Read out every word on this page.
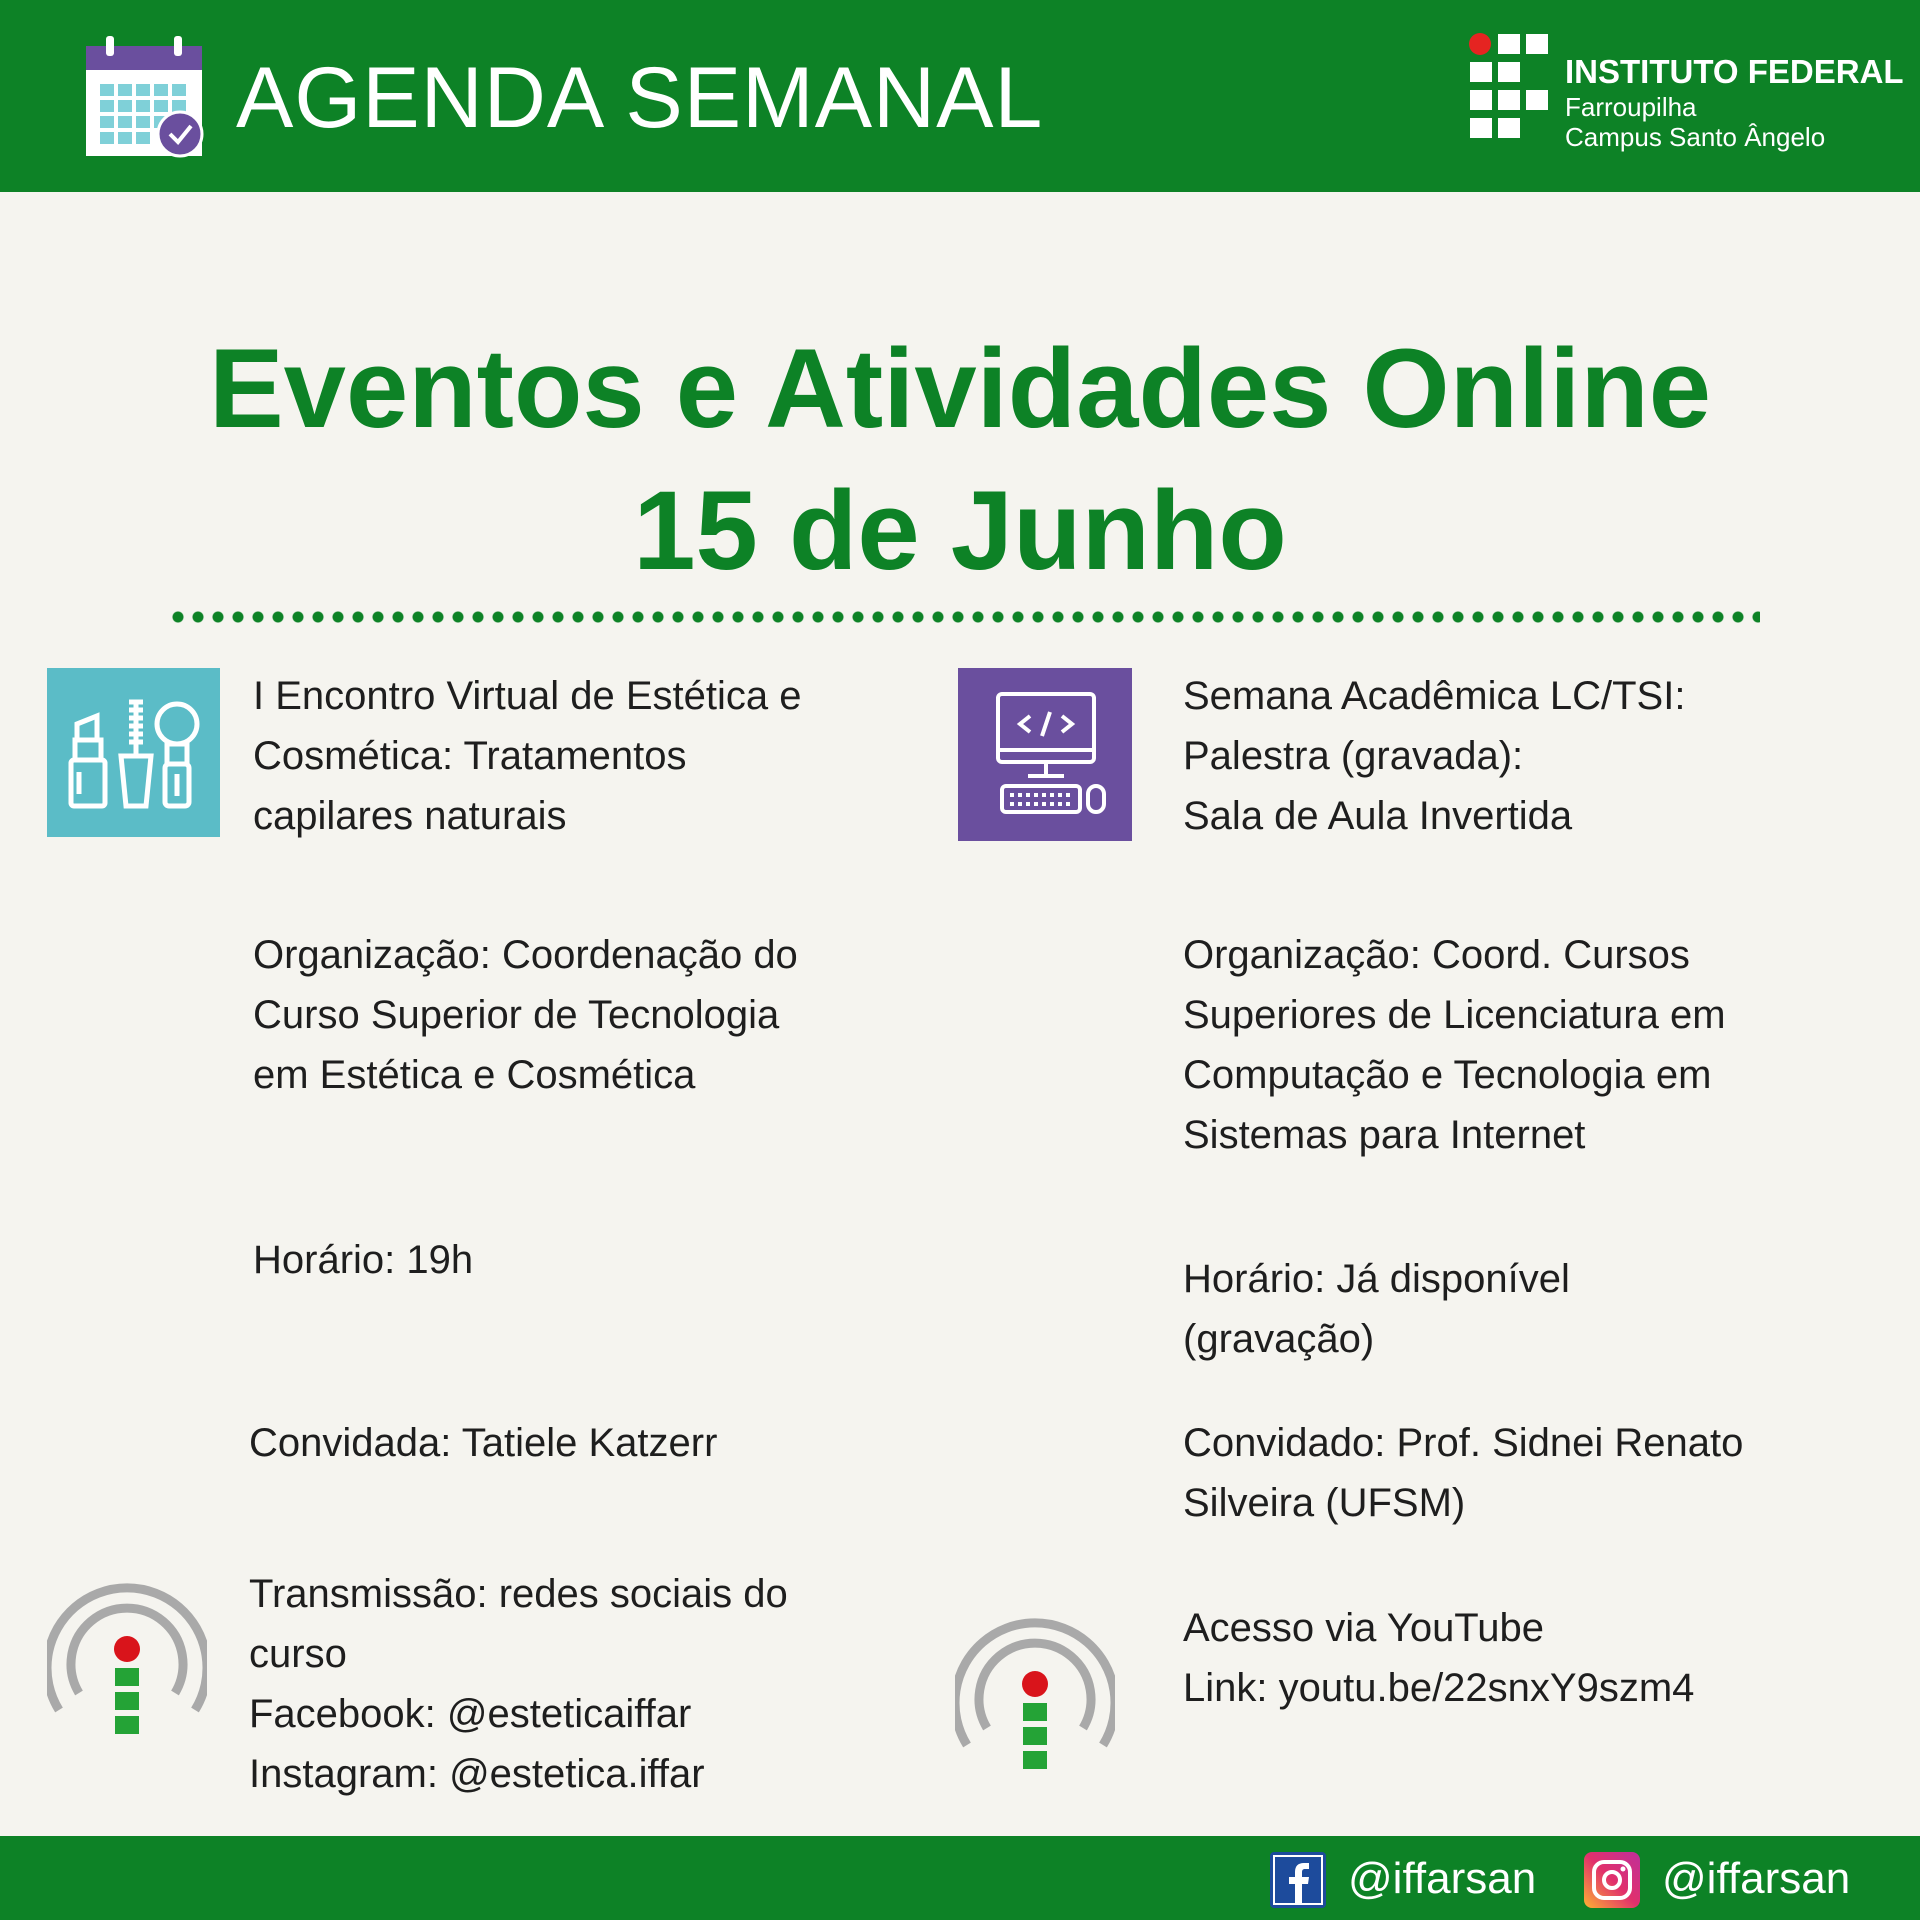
AGENDA SEMANAL	INSTITUTO FEDERAL
Farroupilha
Campus Santo Ângelo
Eventos e Atividades Online
15 de Junho
I Encontro Virtual de Estética e
Cosmética: Tratamentos
capilares naturais
Organização: Coordenação do
Curso Superior de Tecnologia
em Estética e Cosmética
Horário: 19h
Convidada: Tatiele Katzerr
Transmissão: redes sociais do
curso
Facebook: @esteticaiffar
Instagram: @estetica.iffar
Semana Acadêmica LC/TSI:
Palestra (gravada):
Sala de Aula Invertida
Organização: Coord. Cursos
Superiores de Licenciatura em
Computação e Tecnologia em
Sistemas para Internet
Horário: Já disponível
(gravação)
Convidado: Prof. Sidnei Renato
Silveira (UFSM)
Acesso via YouTube
Link: youtu.be/22snxY9szm4
@iffarsan	@iffarsan
